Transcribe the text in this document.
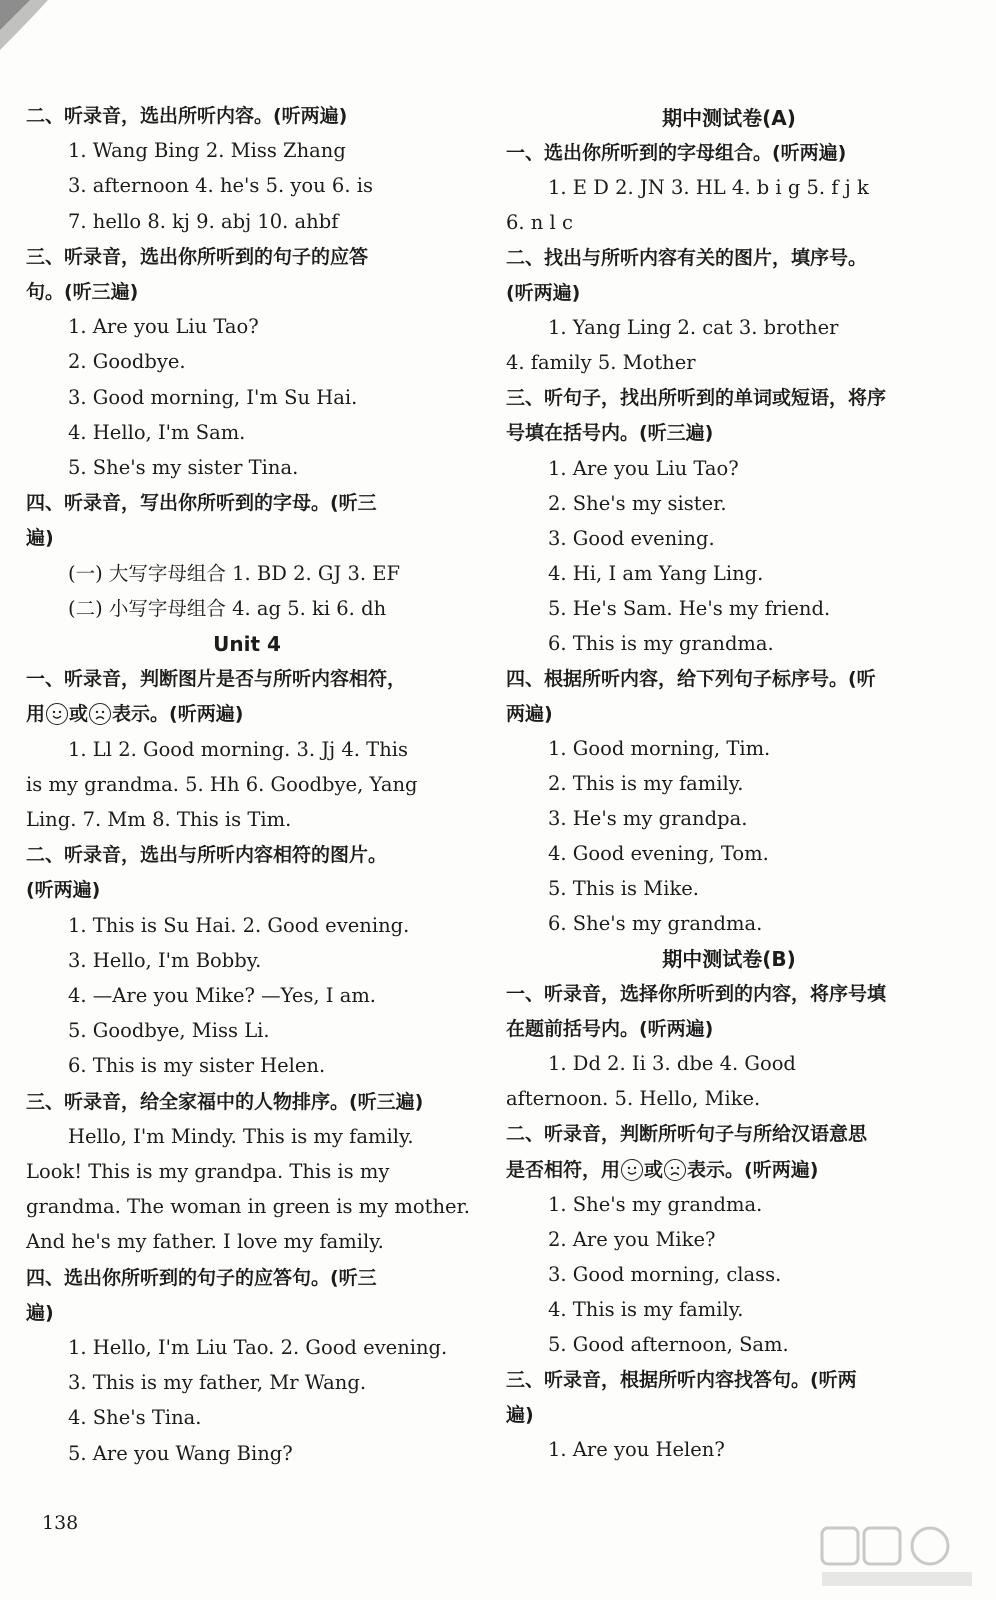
二、听录音，选出所听内容。(听两遍)
1. Wang Bing 2. Miss Zhang
3. afternoon 4. he's 5. you 6. is
7. hello 8. kj 9. abj 10. ahbf
三、听录音，选出你所听到的句子的应答
句。(听三遍)
1. Are you Liu Tao?
2. Goodbye.
3. Good morning, I'm Su Hai.
4. Hello, I'm Sam.
5. She's my sister Tina.
四、听录音，写出你所听到的字母。(听三
遍)
(一) 大写字母组合 1. BD 2. GJ 3. EF
(二) 小写字母组合 4. ag 5. ki 6. dh
Unit 4
一、听录音，判断图片是否与所听内容相符，
用 或 表示。(听两遍)
1. Ll 2. Good morning. 3. Jj 4. This
is my grandma. 5. Hh 6. Goodbye, Yang
Ling. 7. Mm 8. This is Tim.
二、听录音，选出与所听内容相符的图片。
(听两遍)
1. This is Su Hai. 2. Good evening.
3. Hello, I'm Bobby.
4. —Are you Mike? —Yes, I am.
5. Goodbye, Miss Li.
6. This is my sister Helen.
三、听录音，给全家福中的人物排序。(听三遍)
Hello, I'm Mindy. This is my family.
Look! This is my grandpa. This is my
grandma. The woman in green is my mother.
And he's my father. I love my family.
四、选出你所听到的句子的应答句。(听三
遍)
1. Hello, I'm Liu Tao. 2. Good evening.
3. This is my father, Mr Wang.
4. She's Tina.
5. Are you Wang Bing?
期中测试卷(A)
一、选出你所听到的字母组合。(听两遍)
1. E D 2. JN 3. HL 4. b i g 5. f j k
6. n l c
二、找出与所听内容有关的图片，填序号。
(听两遍)
1. Yang Ling 2. cat 3. brother
4. family 5. Mother
三、听句子，找出所听到的单词或短语，将序
号填在括号内。(听三遍)
1. Are you Liu Tao?
2. She's my sister.
3. Good evening.
4. Hi, I am Yang Ling.
5. He's Sam. He's my friend.
6. This is my grandma.
四、根据所听内容，给下列句子标序号。(听
两遍)
1. Good morning, Tim.
2. This is my family.
3. He's my grandpa.
4. Good evening, Tom.
5. This is Mike.
6. She's my grandma.
期中测试卷(B)
一、听录音，选择你所听到的内容，将序号填
在题前括号内。(听两遍)
1. Dd 2. Ii 3. dbe 4. Good
afternoon. 5. Hello, Mike.
二、听录音，判断所听句子与所给汉语意思
是否相符，用 或 表示。(听两遍)
1. She's my grandma.
2. Are you Mike?
3. Good morning, class.
4. This is my family.
5. Good afternoon, Sam.
三、听录音，根据所听内容找答句。(听两
遍)
1. Are you Helen?
138
